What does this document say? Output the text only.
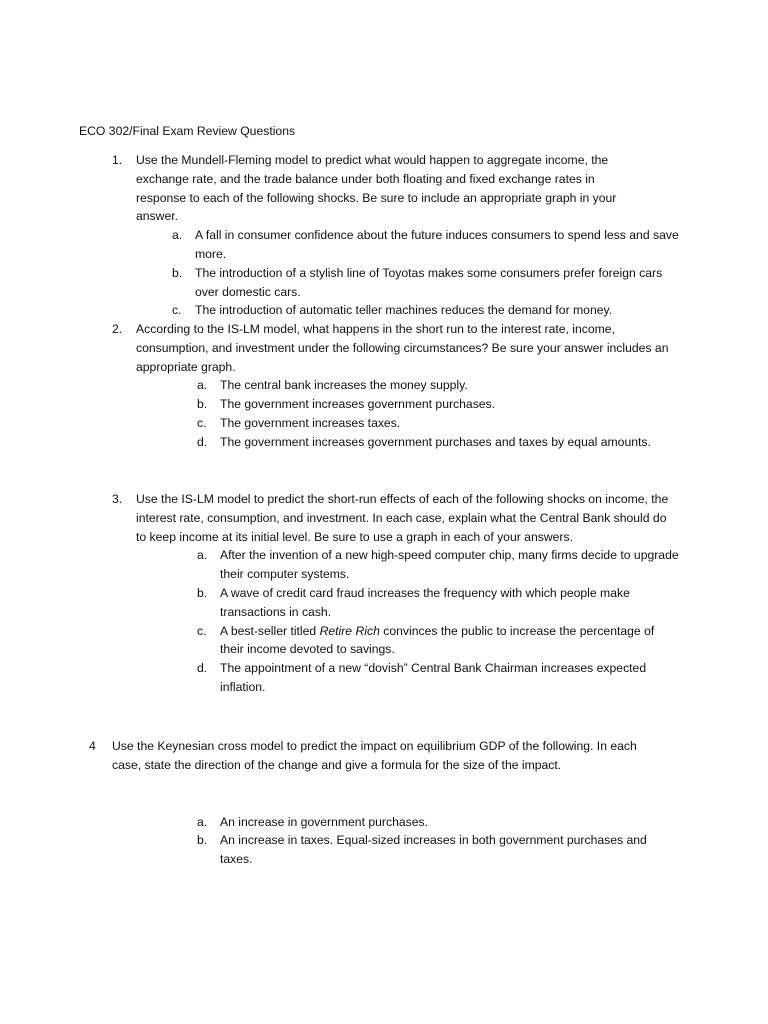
ECO 302/Final Exam Review Questions
1. Use the Mundell-Fleming model to predict what would happen to aggregate income, the exchange rate, and the trade balance under both floating and fixed exchange rates in response to each of the following shocks. Be sure to include an appropriate graph in your answer.
a. A fall in consumer confidence about the future induces consumers to spend less and save more.
b. The introduction of a stylish line of Toyotas makes some consumers prefer foreign cars over domestic cars.
c. The introduction of automatic teller machines reduces the demand for money.
2. According to the IS-LM model, what happens in the short run to the interest rate, income, consumption, and investment under the following circumstances? Be sure your answer includes an appropriate graph.
a. The central bank increases the money supply.
b. The government increases government purchases.
c. The government increases taxes.
d. The government increases government purchases and taxes by equal amounts.
3. Use the IS-LM model to predict the short-run effects of each of the following shocks on income, the interest rate, consumption, and investment. In each case, explain what the Central Bank should do to keep income at its initial level. Be sure to use a graph in each of your answers.
a. After the invention of a new high-speed computer chip, many firms decide to upgrade their computer systems.
b. A wave of credit card fraud increases the frequency with which people make transactions in cash.
c. A best-seller titled Retire Rich convinces the public to increase the percentage of their income devoted to savings.
d. The appointment of a new “dovish” Central Bank Chairman increases expected inflation.
4 Use the Keynesian cross model to predict the impact on equilibrium GDP of the following. In each case, state the direction of the change and give a formula for the size of the impact.
a. An increase in government purchases.
b. An increase in taxes. Equal-sized increases in both government purchases and taxes.
